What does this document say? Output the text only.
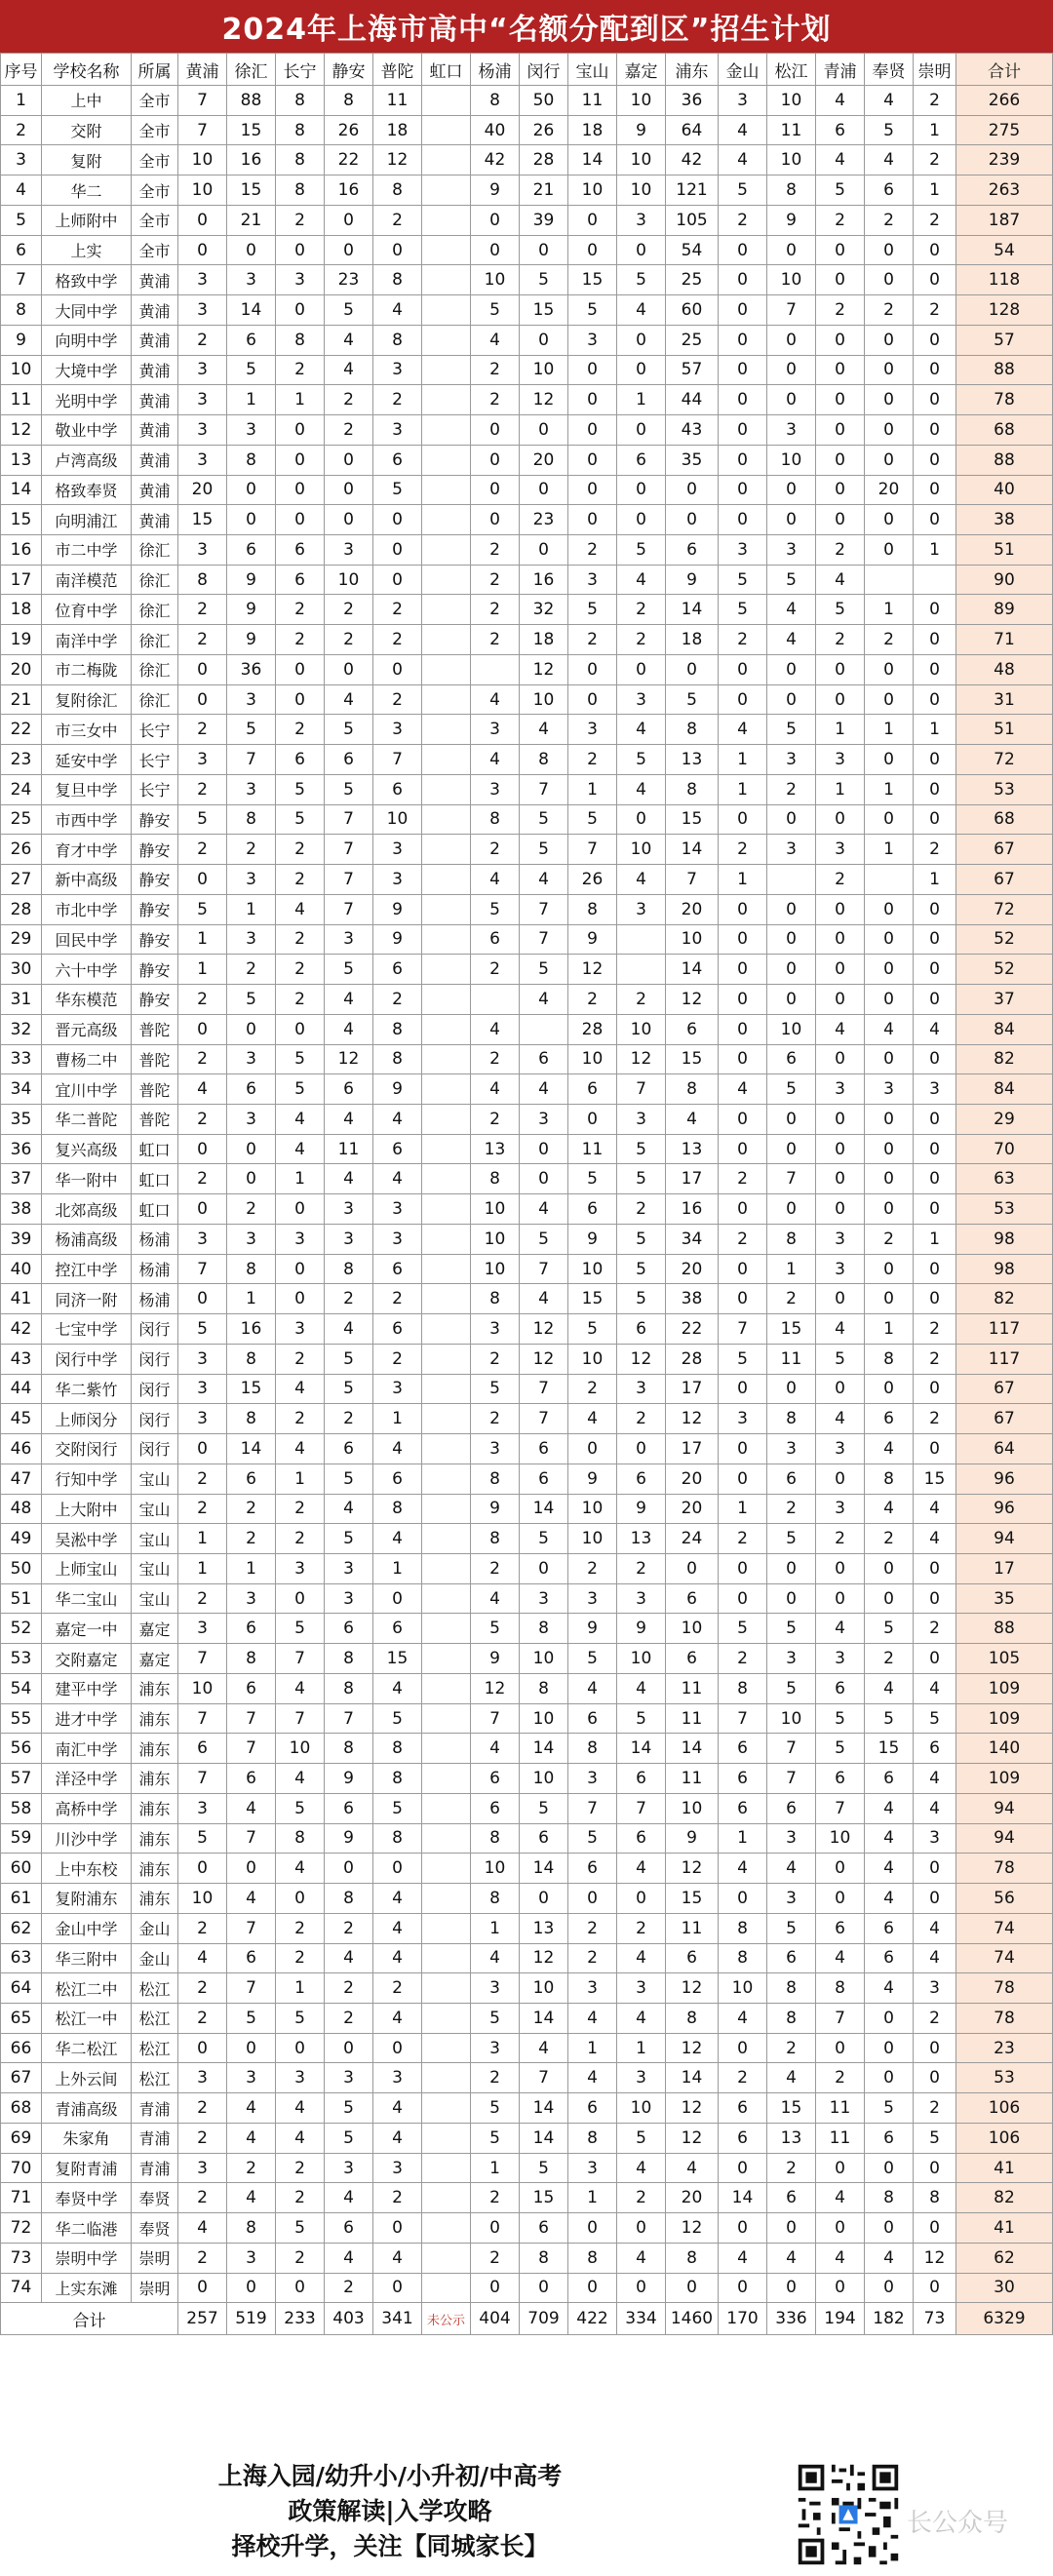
2024年上海市高中“名额分配到区”招生计划
序号	学校名称	所属	黄浦	徐汇	长宁	静安	普陀	虹口	杨浦	闵行	宝山	嘉定	浦东	金山	松江	青浦	奉贤	崇明	合计
1	上中	全市	7	88	8	8	11		8	50	11	10	36	3	10	4	4	2	266
2	交附	全市	7	15	8	26	18		40	26	18	9	64	4	11	6	5	1	275
3	复附	全市	10	16	8	22	12		42	28	14	10	42	4	10	4	4	2	239
4	华二	全市	10	15	8	16	8		9	21	10	10	121	5	8	5	6	1	263
5	上师附中	全市	0	21	2	0	2		0	39	0	3	105	2	9	2	2	2	187
6	上实	全市	0	0	0	0	0		0	0	0	0	54	0	0	0	0	0	54
7	格致中学	黄浦	3	3	3	23	8		10	5	15	5	25	0	10	0	0	0	118
8	大同中学	黄浦	3	14	0	5	4		5	15	5	4	60	0	7	2	2	2	128
9	向明中学	黄浦	2	6	8	4	8		4	0	3	0	25	0	0	0	0	0	57
10	大境中学	黄浦	3	5	2	4	3		2	10	0	0	57	0	0	0	0	0	88
11	光明中学	黄浦	3	1	1	2	2		2	12	0	1	44	0	0	0	0	0	78
12	敬业中学	黄浦	3	3	0	2	3		0	0	0	0	43	0	3	0	0	0	68
13	卢湾高级	黄浦	3	8	0	0	6		0	20	0	6	35	0	10	0	0	0	88
14	格致奉贤	黄浦	20	0	0	0	5		0	0	0	0	0	0	0	0	20	0	40
15	向明浦江	黄浦	15	0	0	0	0		0	23	0	0	0	0	0	0	0	0	38
16	市二中学	徐汇	3	6	6	3	0		2	0	2	5	6	3	3	2	0	1	51
17	南洋模范	徐汇	8	9	6	10	0		2	16	3	4	9	5	5	4			90
18	位育中学	徐汇	2	9	2	2	2		2	32	5	2	14	5	4	5	1	0	89
19	南洋中学	徐汇	2	9	2	2	2		2	18	2	2	18	2	4	2	2	0	71
20	市二梅陇	徐汇	0	36	0	0	0			12	0	0	0	0	0	0	0	0	48
21	复附徐汇	徐汇	0	3	0	4	2		4	10	0	3	5	0	0	0	0	0	31
22	市三女中	长宁	2	5	2	5	3		3	4	3	4	8	4	5	1	1	1	51
23	延安中学	长宁	3	7	6	6	7		4	8	2	5	13	1	3	3	0	0	72
24	复旦中学	长宁	2	3	5	5	6		3	7	1	4	8	1	2	1	1	0	53
25	市西中学	静安	5	8	5	7	10		8	5	5	0	15	0	0	0	0	0	68
26	育才中学	静安	2	2	2	7	3		2	5	7	10	14	2	3	3	1	2	67
27	新中高级	静安	0	3	2	7	3		4	4	26	4	7	1		2		1	67
28	市北中学	静安	5	1	4	7	9		5	7	8	3	20	0	0	0	0	0	72
29	回民中学	静安	1	3	2	3	9		6	7	9		10	0	0	0	0	0	52
30	六十中学	静安	1	2	2	5	6		2	5	12		14	0	0	0	0	0	52
31	华东模范	静安	2	5	2	4	2			4	2	2	12	0	0	0	0	0	37
32	晋元高级	普陀	0	0	0	4	8		4		28	10	6	0	10	4	4	4	84
33	曹杨二中	普陀	2	3	5	12	8		2	6	10	12	15	0	6	0	0	0	82
34	宜川中学	普陀	4	6	5	6	9		4	4	6	7	8	4	5	3	3	3	84
35	华二普陀	普陀	2	3	4	4	4		2	3	0	3	4	0	0	0	0	0	29
36	复兴高级	虹口	0	0	4	11	6		13	0	11	5	13	0	0	0	0	0	70
37	华一附中	虹口	2	0	1	4	4		8	0	5	5	17	2	7	0	0	0	63
38	北郊高级	虹口	0	2	0	3	3		10	4	6	2	16	0	0	0	0	0	53
39	杨浦高级	杨浦	3	3	3	3	3		10	5	9	5	34	2	8	3	2	1	98
40	控江中学	杨浦	7	8	0	8	6		10	7	10	5	20	0	1	3	0	0	98
41	同济一附	杨浦	0	1	0	2	2		8	4	15	5	38	0	2	0	0	0	82
42	七宝中学	闵行	5	16	3	4	6		3	12	5	6	22	7	15	4	1	2	117
43	闵行中学	闵行	3	8	2	5	2		2	12	10	12	28	5	11	5	8	2	117
44	华二紫竹	闵行	3	15	4	5	3		5	7	2	3	17	0	0	0	0	0	67
45	上师闵分	闵行	3	8	2	2	1		2	7	4	2	12	3	8	4	6	2	67
46	交附闵行	闵行	0	14	4	6	4		3	6	0	0	17	0	3	3	4	0	64
47	行知中学	宝山	2	6	1	5	6		8	6	9	6	20	0	6	0	8	15	96
48	上大附中	宝山	2	2	2	4	8		9	14	10	9	20	1	2	3	4	4	96
49	吴淞中学	宝山	1	2	2	5	4		8	5	10	13	24	2	5	2	2	4	94
50	上师宝山	宝山	1	1	3	3	1		2	0	2	2	0	0	0	0	0	0	17
51	华二宝山	宝山	2	3	0	3	0		4	3	3	3	6	0	0	0	0	0	35
52	嘉定一中	嘉定	3	6	5	6	6		5	8	9	9	10	5	5	4	5	2	88
53	交附嘉定	嘉定	7	8	7	8	15		9	10	5	10	6	2	3	3	2	0	105
54	建平中学	浦东	10	6	4	8	4		12	8	4	4	11	8	5	6	4	4	109
55	进才中学	浦东	7	7	7	7	5		7	10	6	5	11	7	10	5	5	5	109
56	南汇中学	浦东	6	7	10	8	8		4	14	8	14	14	6	7	5	15	6	140
57	洋泾中学	浦东	7	6	4	9	8		6	10	3	6	11	6	7	6	6	4	109
58	高桥中学	浦东	3	4	5	6	5		6	5	7	7	10	6	6	7	4	4	94
59	川沙中学	浦东	5	7	8	9	8		8	6	5	6	9	1	3	10	4	3	94
60	上中东校	浦东	0	0	4	0	0		10	14	6	4	12	4	4	0	4	0	78
61	复附浦东	浦东	10	4	0	8	4		8	0	0	0	15	0	3	0	4	0	56
62	金山中学	金山	2	7	2	2	4		1	13	2	2	11	8	5	6	6	4	74
63	华三附中	金山	4	6	2	4	4		4	12	2	4	6	8	6	4	6	4	74
64	松江二中	松江	2	7	1	2	2		3	10	3	3	12	10	8	8	4	3	78
65	松江一中	松江	2	5	5	2	4		5	14	4	4	8	4	8	7	0	2	78
66	华二松江	松江	0	0	0	0	0		3	4	1	1	12	0	2	0	0	0	23
67	上外云间	松江	3	3	3	3	3		2	7	4	3	14	2	4	2	0	0	53
68	青浦高级	青浦	2	4	4	5	4		5	14	6	10	12	6	15	11	5	2	106
69	朱家角	青浦	2	4	4	5	4		5	14	8	5	12	6	13	11	6	5	106
70	复附青浦	青浦	3	2	2	3	3		1	5	3	4	4	0	2	0	0	0	41
71	奉贤中学	奉贤	2	4	2	4	2		2	15	1	2	20	14	6	4	8	8	82
72	华二临港	奉贤	4	8	5	6	0		0	6	0	0	12	0	0	0	0	0	41
73	崇明中学	崇明	2	3	2	4	4		2	8	8	4	8	4	4	4	4	12	62
74	上实东滩	崇明	0	0	0	2	0		0	0	0	0	0	0	0	0	0	0	30
合计			257	519	233	403	341	未公示	404	709	422	334	1460	170	336	194	182	73	6329
上海入园/幼升小/小升初/中高考
政策解读|入学攻略
择校升学，关注【同城家长】
长公众号
